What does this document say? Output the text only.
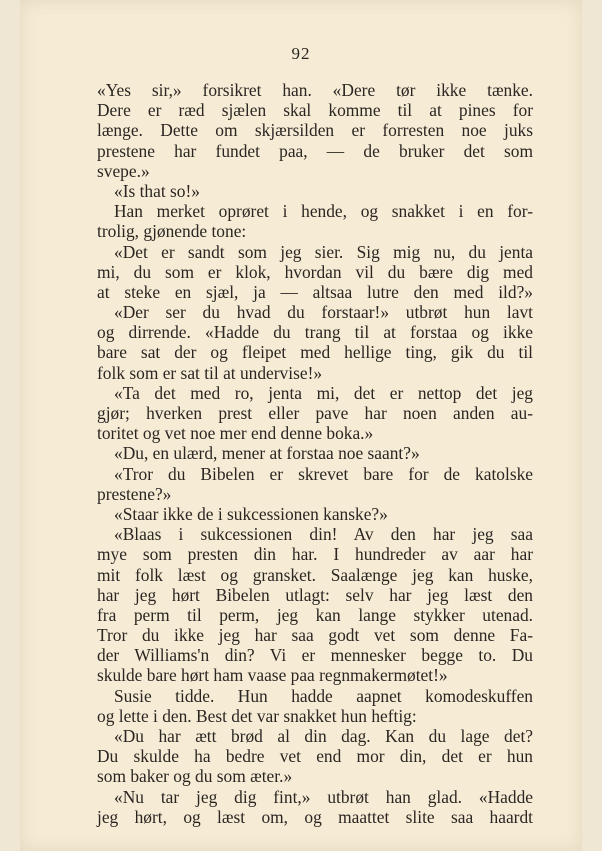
92
«Yes sir,» forsikret han. «Dere tør ikke tænke.
Dere er ræd sjælen skal komme til at pines for
længe. Dette om skjærsilden er forresten noe juks
prestene har fundet paa, — de bruker det som
svepe.»
«Is that so!»
Han merket oprøret i hende, og snakket i en for-
trolig, gjønende tone:
«Det er sandt som jeg sier. Sig mig nu, du jenta
mi, du som er klok, hvordan vil du bære dig med
at steke en sjæl, ja — altsaa lutre den med ild?»
«Der ser du hvad du forstaar!» utbrøt hun lavt
og dirrende. «Hadde du trang til at forstaa og ikke
bare sat der og fleipet med hellige ting, gik du til
folk som er sat til at undervise!»
«Ta det med ro, jenta mi, det er nettop det jeg
gjør; hverken prest eller pave har noen anden au-
toritet og vet noe mer end denne boka.»
«Du, en ulærd, mener at forstaa noe saant?»
«Tror du Bibelen er skrevet bare for de katolske
prestene?»
«Staar ikke de i sukcessionen kanske?»
«Blaas i sukcessionen din! Av den har jeg saa
mye som presten din har. I hundreder av aar har
mit folk læst og gransket. Saalænge jeg kan huske,
har jeg hørt Bibelen utlagt: selv har jeg læst den
fra perm til perm, jeg kan lange stykker utenad.
Tror du ikke jeg har saa godt vet som denne Fa-
der Williams'n din? Vi er mennesker begge to. Du
skulde bare hørt ham vaase paa regnmakermøtet!»
Susie tidde. Hun hadde aapnet komodeskuffen
og lette i den. Best det var snakket hun heftig:
«Du har ætt brød al din dag. Kan du lage det?
Du skulde ha bedre vet end mor din, det er hun
som baker og du som æter.»
«Nu tar jeg dig fint,» utbrøt han glad. «Hadde
jeg hørt, og læst om, og maattet slite saa haardt
